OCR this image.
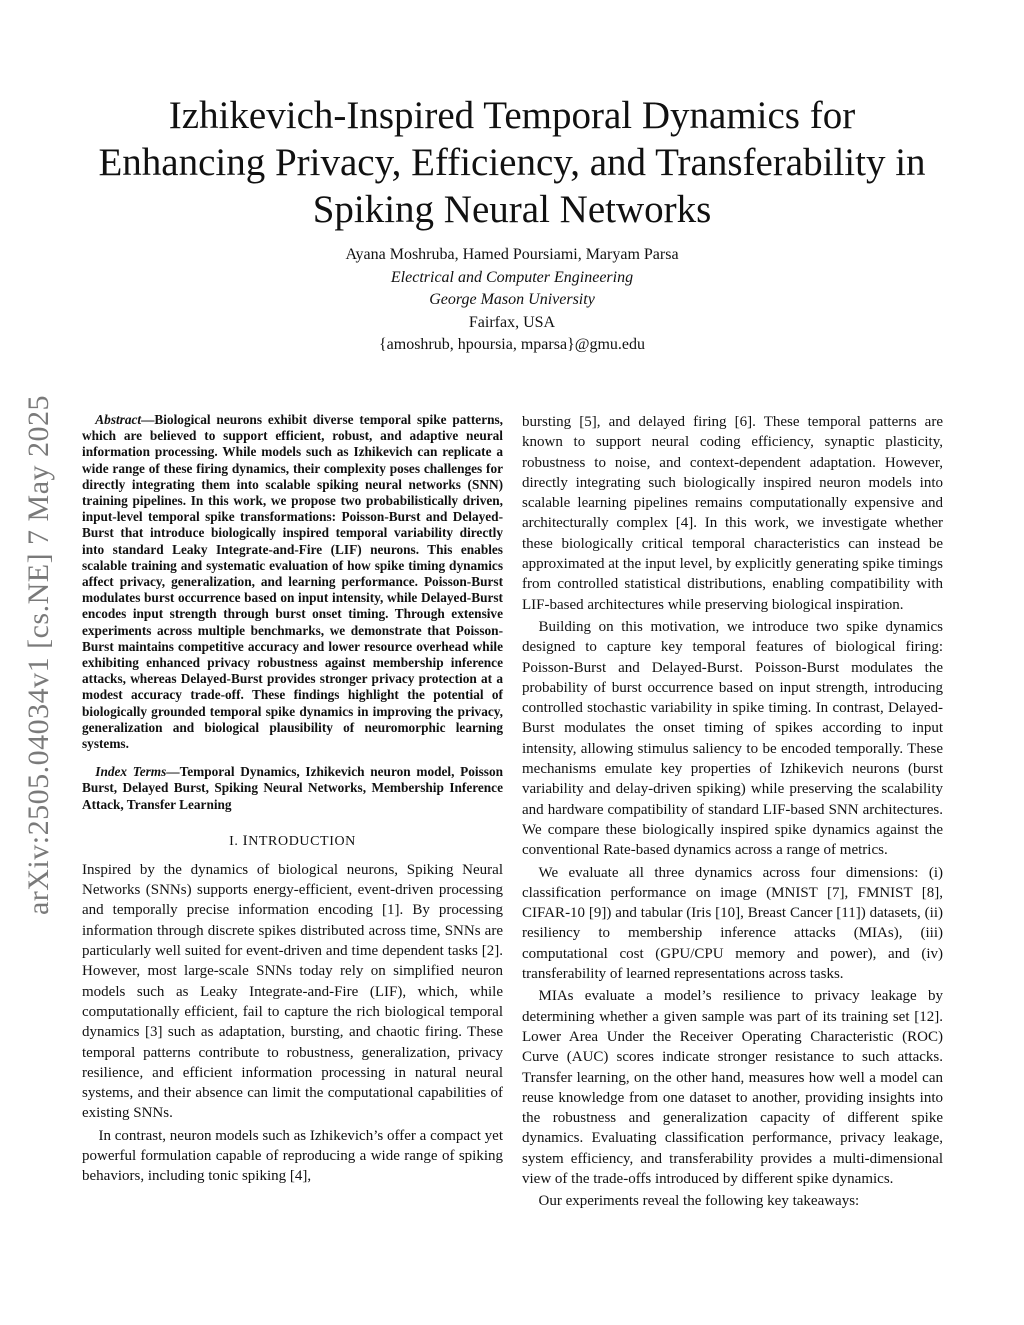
arXiv:2505.04034v1 [cs.NE] 7 May 2025
Izhikevich-Inspired Temporal Dynamics for
Enhancing Privacy, Efficiency, and Transferability in
Spiking Neural Networks
Ayana Moshruba, Hamed Poursiami, Maryam Parsa
Electrical and Computer Engineering
George Mason University
Fairfax, USA
{amoshrub, hpoursia, mparsa}@gmu.edu

Abstract—Biological neurons exhibit diverse temporal spike patterns, which are believed to support efficient, robust, and adaptive neural information processing. While models such as Izhikevich can replicate a wide range of these firing dynamics, their complexity poses challenges for directly integrating them into scalable spiking neural networks (SNN) training pipelines. In this work, we propose two probabilistically driven, input-level temporal spike transformations: Poisson-Burst and Delayed-Burst that introduce biologically inspired temporal variability directly into standard Leaky Integrate-and-Fire (LIF) neurons. This enables scalable training and systematic evaluation of how spike timing dynamics affect privacy, generalization, and learning performance. Poisson-Burst modulates burst occurrence based on input intensity, while Delayed-Burst encodes input strength through burst onset timing. Through extensive experiments across multiple benchmarks, we demonstrate that Poisson-Burst maintains competitive accuracy and lower resource overhead while exhibiting enhanced privacy robustness against membership inference attacks, whereas Delayed-Burst provides stronger privacy protection at a modest accuracy trade-off. These findings highlight the potential of biologically grounded temporal spike dynamics in improving the privacy, generalization and biological plausibility of neuromorphic learning systems.

Index Terms—Temporal Dynamics, Izhikevich neuron model, Poisson Burst, Delayed Burst, Spiking Neural Networks, Membership Inference Attack, Transfer Learning

I. INTRODUCTION

Inspired by the dynamics of biological neurons, Spiking Neural Networks (SNNs) supports energy-efficient, event-driven processing and temporally precise information encoding [1]. By processing information through discrete spikes distributed across time, SNNs are particularly well suited for event-driven and time dependent tasks [2]. However, most large-scale SNNs today rely on simplified neuron models such as Leaky Integrate-and-Fire (LIF), which, while computationally efficient, fail to capture the rich biological temporal dynamics [3] such as adaptation, bursting, and chaotic firing. These temporal patterns contribute to robustness, generalization, privacy resilience, and efficient information processing in natural neural systems, and their absence can limit the computational capabilities of existing SNNs.

In contrast, neuron models such as Izhikevich’s offer a compact yet powerful formulation capable of reproducing a wide range of spiking behaviors, including tonic spiking [4],

bursting [5], and delayed firing [6]. These temporal patterns are known to support neural coding efficiency, synaptic plasticity, robustness to noise, and context-dependent adaptation. However, directly integrating such biologically inspired neuron models into scalable learning pipelines remains computationally expensive and architecturally complex [4]. In this work, we investigate whether these biologically critical temporal characteristics can instead be approximated at the input level, by explicitly generating spike timings from controlled statistical distributions, enabling compatibility with LIF-based architectures while preserving biological inspiration.

Building on this motivation, we introduce two spike dynamics designed to capture key temporal features of biological firing: Poisson-Burst and Delayed-Burst. Poisson-Burst modulates the probability of burst occurrence based on input strength, introducing controlled stochastic variability in spike timing. In contrast, Delayed-Burst modulates the onset timing of spikes according to input intensity, allowing stimulus saliency to be encoded temporally. These mechanisms emulate key properties of Izhikevich neurons (burst variability and delay-driven spiking) while preserving the scalability and hardware compatibility of standard LIF-based SNN architectures. We compare these biologically inspired spike dynamics against the conventional Rate-based dynamics across a range of metrics.

We evaluate all three dynamics across four dimensions: (i) classification performance on image (MNIST [7], FMNIST [8], CIFAR-10 [9]) and tabular (Iris [10], Breast Cancer [11]) datasets, (ii) resiliency to membership inference attacks (MIAs), (iii) computational cost (GPU/CPU memory and power), and (iv) transferability of learned representations across tasks.

MIAs evaluate a model’s resilience to privacy leakage by determining whether a given sample was part of its training set [12]. Lower Area Under the Receiver Operating Characteristic (ROC) Curve (AUC) scores indicate stronger resistance to such attacks. Transfer learning, on the other hand, measures how well a model can reuse knowledge from one dataset to another, providing insights into the robustness and generalization capacity of different spike dynamics. Evaluating classification performance, privacy leakage, system efficiency, and transferability provides a multi-dimensional view of the trade-offs introduced by different spike dynamics.

Our experiments reveal the following key takeaways:
